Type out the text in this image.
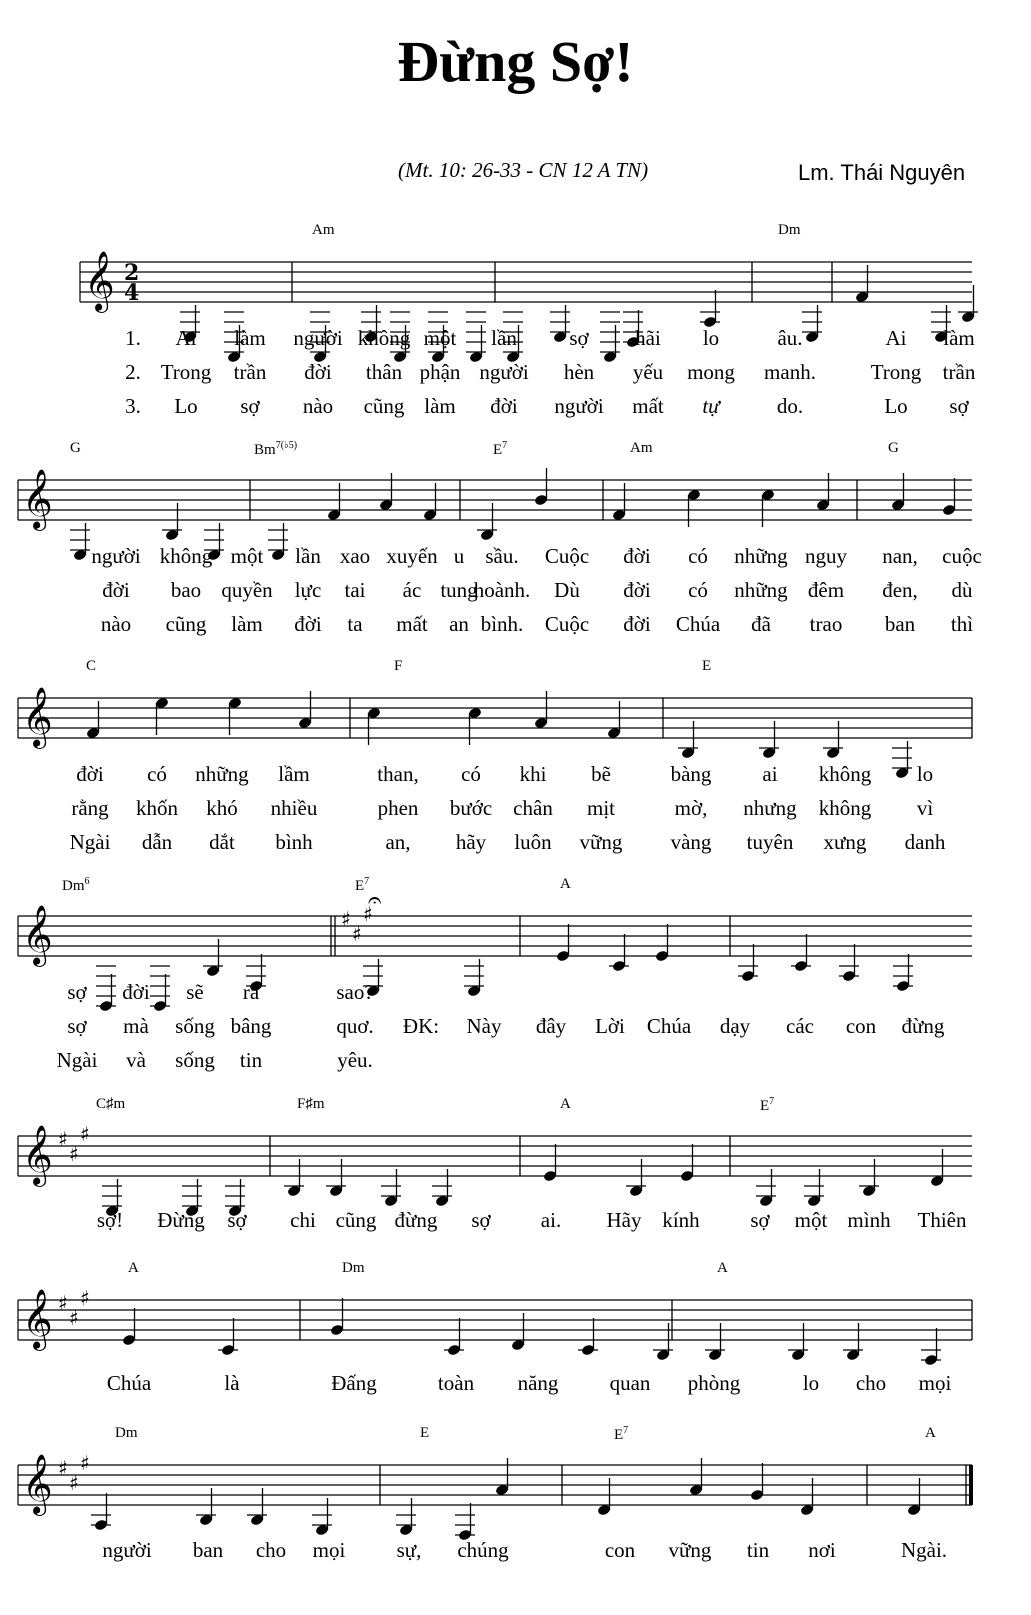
Đừng Sợ!
(Mt. 10: 26-33 - CN 12 A TN)	Lm. Thái Nguyên
𝄞 2
4
Am	Dm
1. Ai làm người không một lần	sợ hãi lo	âu.	Ai làm
2. Trong trần đời thân phận người hèn yếu mong manh.	Trong trần
3. Lo sợ nào cũng làm đời người mất tự	do.	Lo sợ
𝄞
G	$Bm^{7(♭5)}$	$E^7$	Am	G
người không một lần xao xuyến u sầu. Cuộc đời có những nguy nan, cuộc
đời bao quyền lực tai ác tung
hoành. Dù đời có những đêm đen, dù
nào cũng làm đời ta mất an bình. Cuộc đời Chúa đã trao ban thì
𝄞
C	F	E
đời có những lầm	than, có khi bẽ	bàng ai không lo
rằng khốn khó nhiều	phen bước chân mịt	mờ, nhưng không vì
Ngài dẫn dắt bình	an, hãy luôn vững vàng tuyên xưng danh
𝄞	♯
♯
♯
𝄐
Dm$^6$	$E^7$	A
sợ đời sẽ ra	sao?
sợ mà sống bâng	quơ. ĐK: Này đây Lời Chúa dạy các con đừng
Ngài và sống tin	yêu.
𝄞 ♯
♯
♯
C♯m	F♯m	A	$E^7$
sợ! Đừng sợ chi cũng đừng sợ ai. Hãy kính sợ một mình Thiên
𝄞 ♯
♯
♯
A	Dm	A
Chúa	là	Đấng	toàn năng quan phòng	lo cho mọi
𝄞 ♯
♯
♯
Dm	E	$E^7$	A
người ban cho mọi sự, chúng	con vững tin nơi	Ngài.
